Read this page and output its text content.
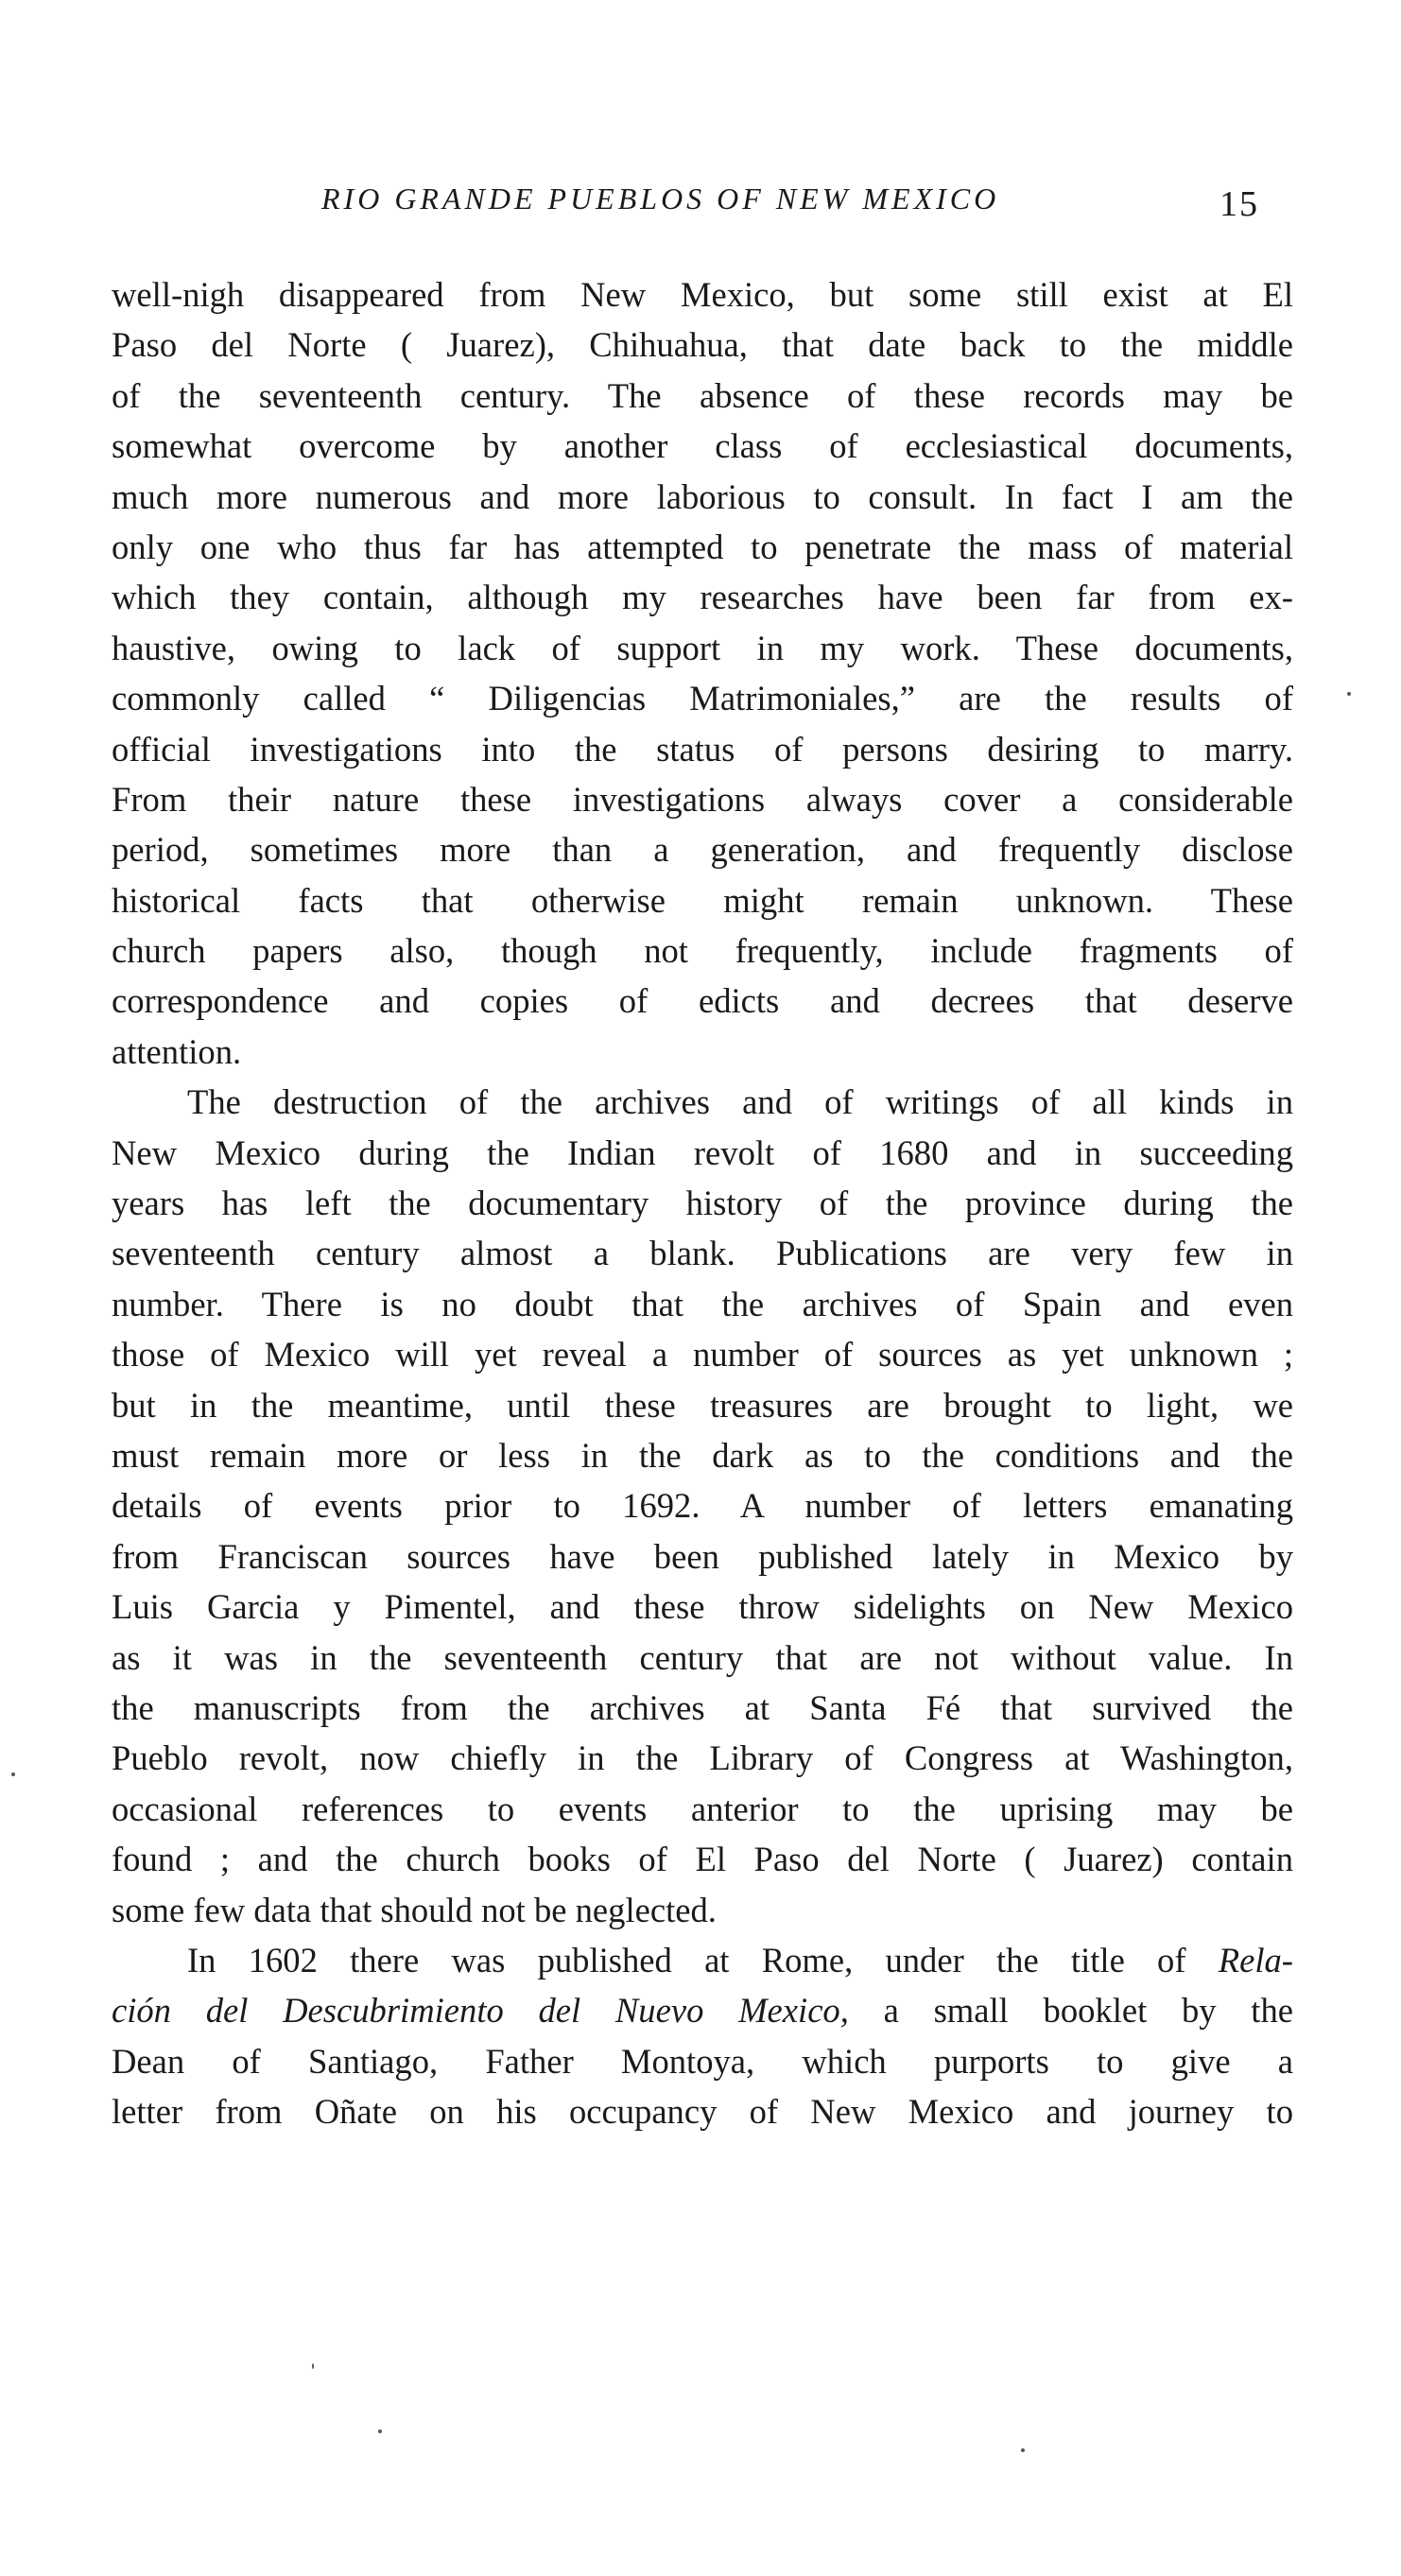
RIO GRANDE PUEBLOS OF NEW MEXICO	15
well-nigh disappeared from New Mexico, but some still exist at El
Paso del Norte ( Juarez), Chihuahua, that date back to the middle
of the seventeenth century. The absence of these records may be
somewhat overcome by another class of ecclesiastical documents,
much more numerous and more laborious to consult. In fact I am the
only one who thus far has attempted to penetrate the mass of material
which they contain, although my researches have been far from ex-
haustive, owing to lack of support in my work. These documents,
commonly called “ Diligencias Matrimoniales,” are the results of
official investigations into the status of persons desiring to marry.
From their nature these investigations always cover a considerable
period, sometimes more than a generation, and frequently disclose
historical facts that otherwise might remain unknown. These
church papers also, though not frequently, include fragments of
correspondence and copies of edicts and decrees that deserve
attention.
The destruction of the archives and of writings of all kinds in
New Mexico during the Indian revolt of 1680 and in succeeding
years has left the documentary history of the province during the
seventeenth century almost a blank. Publications are very few in
number. There is no doubt that the archives of Spain and even
those of Mexico will yet reveal a number of sources as yet unknown ;
but in the meantime, until these treasures are brought to light, we
must remain more or less in the dark as to the conditions and the
details of events prior to 1692. A number of letters emanating
from Franciscan sources have been published lately in Mexico by
Luis Garcia y Pimentel, and these throw sidelights on New Mexico
as it was in the seventeenth century that are not without value. In
the manuscripts from the archives at Santa Fé that survived the
Pueblo revolt, now chiefly in the Library of Congress at Washington,
occasional references to events anterior to the uprising may be
found ; and the church books of El Paso del Norte ( Juarez) contain
some few data that should not be neglected.
In 1602 there was published at Rome, under the title of Rela-
ción del Descubrimiento del Nuevo Mexico, a small booklet by the
Dean of Santiago, Father Montoya, which purports to give a
letter from Oñate on his occupancy of New Mexico and journey to
